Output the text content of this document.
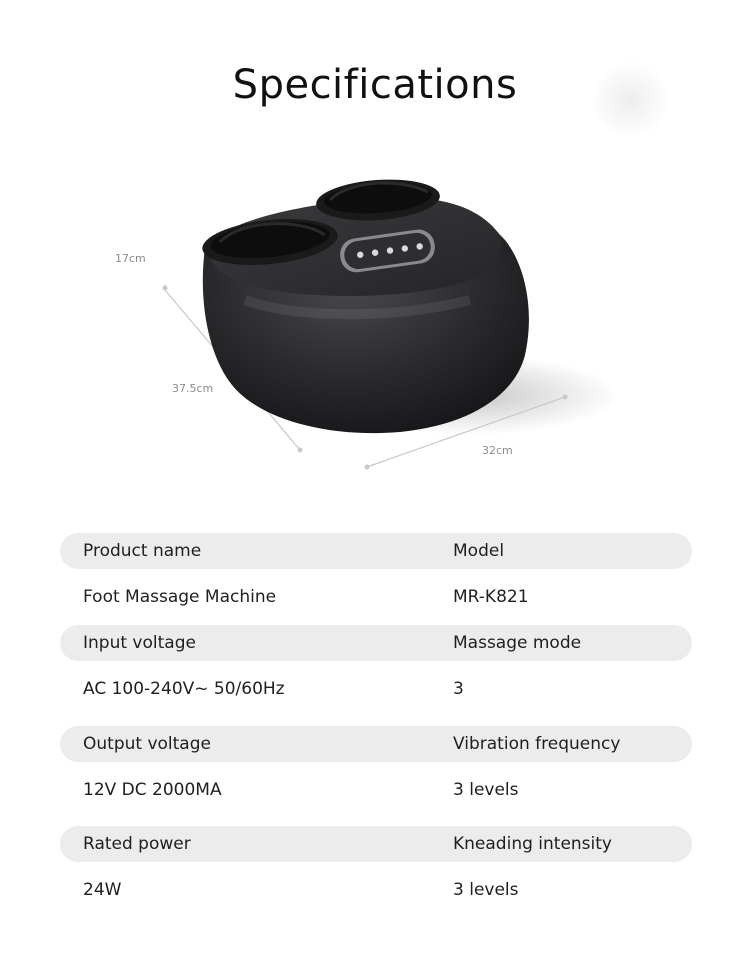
Specifications
17cm
37.5cm
32cm
Product name	Model
Foot Massage Machine	MR-K821
Input voltage	Massage mode
AC 100-240V~ 50/60Hz	3
Output voltage	Vibration frequency
12V DC 2000MA	3 levels
Rated power	Kneading intensity
24W	3 levels
